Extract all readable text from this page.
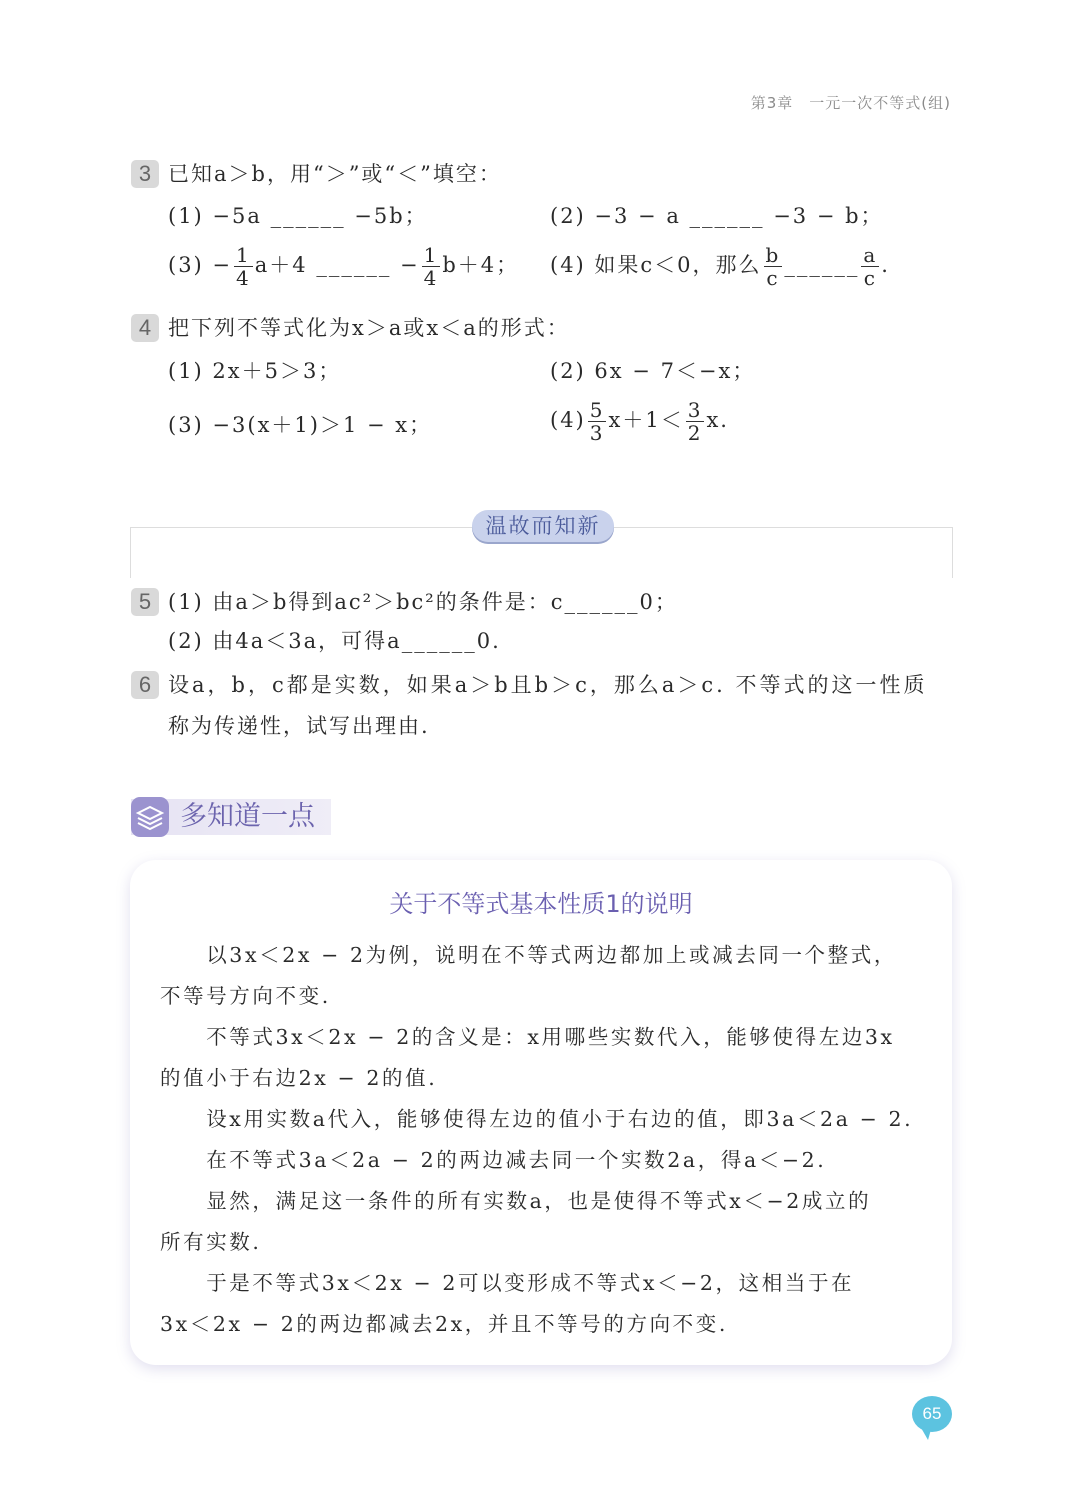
第3章　一元一次不等式(组)
3 已知a＞b，用“＞”或“＜”填空：
(1) −5a ______ −5b；	(2) −3 − a ______ −3 − b；
$(3) - \frac{1}{4} a+4$ ______ − $\frac{1}{4} b+4$； (4) 如果c＜0，那么 $\frac{b}{c}$ ______ $\frac{a}{c}$ .
4 把下列不等式化为x＞a或x＜a的形式：
(1) 2x＋5＞3；	(2) 6x − 7＜−x；
(3) −3(x＋1)＞1 − x；	$(4) \frac{5}{3} x+1< \frac{3}{2} x$.
温故而知新
5 (1) 由a＞b得到ac²＞bc²的条件是：c______0；
(2) 由4a＜3a，可得a______0.
6 设a，b，c都是实数，如果a＞b且b＞c，那么a＞c. 不等式的这一性质
称为传递性，试写出理由.
多知道一点
关于不等式基本性质1的说明
　　以3x＜2x − 2为例，说明在不等式两边都加上或减去同一个整式，
不等号方向不变.
　　不等式3x＜2x − 2的含义是：x用哪些实数代入，能够使得左边3x
的值小于右边2x − 2的值.
　　设x用实数a代入，能够使得左边的值小于右边的值，即3a＜2a − 2.
　　在不等式3a＜2a − 2的两边减去同一个实数2a，得a＜−2.
　　显然，满足这一条件的所有实数a，也是使得不等式x＜−2成立的
所有实数.
　　于是不等式3x＜2x − 2可以变形成不等式x＜−2，这相当于在
3x＜2x − 2的两边都减去2x，并且不等号的方向不变.
65
